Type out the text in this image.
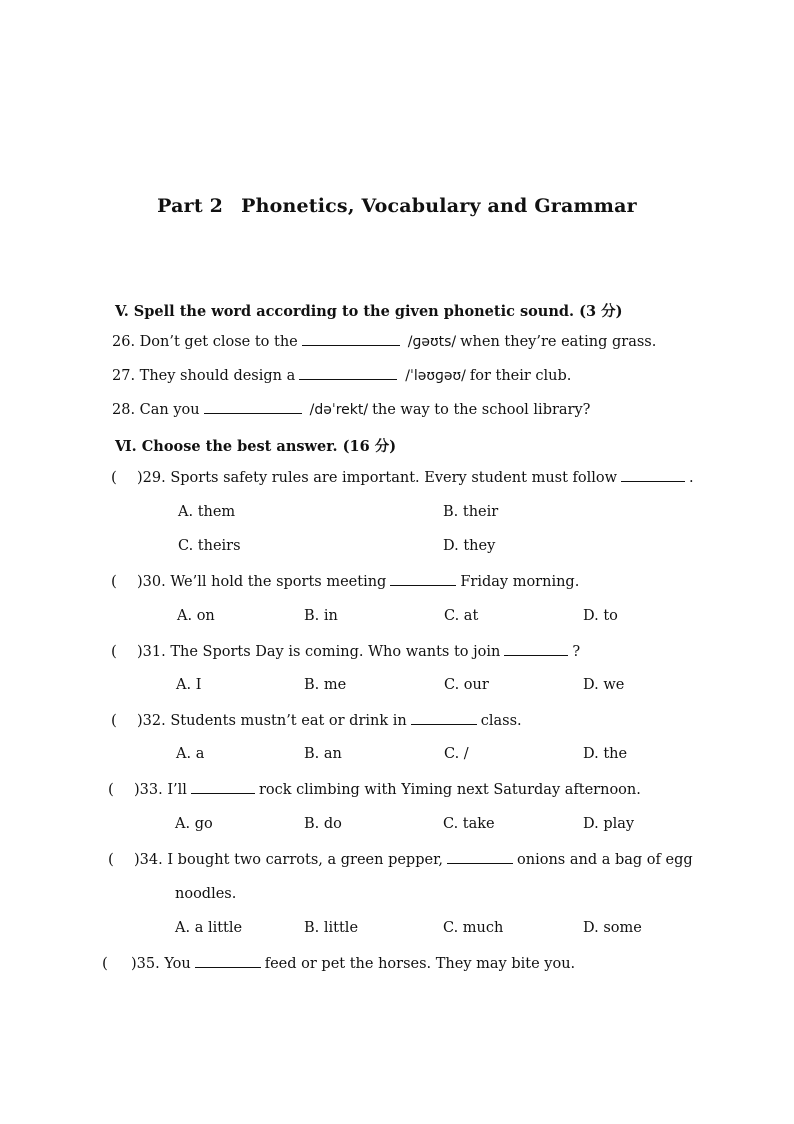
Part 2 Phonetics, Vocabulary and Grammar
V. Spell the word according to the given phonetic sound. (3 分)
26. Don’t get close to the	/ɡəʊts/ when they’re eating grass.
27. They should design a	/ˈləʊɡəʊ/ for their club.
28. Can you	/dəˈrekt/ the way to the school library?
Ⅵ. Choose the best answer. (16 分)
( )29. Sports safety rules are important. Every student must follow	.
A. them	B. their
C. theirs	D. they
( )30. We’ll hold the sports meeting	Friday morning.
A. on	B. in	C. at	D. to
( )31. The Sports Day is coming. Who wants to join	?
A. I	B. me	C. our	D. we
( )32. Students mustn’t eat or drink in	class.
A. a	B. an	C. /	D. the
( )33. I’ll	rock climbing with Yiming next Saturday afternoon.
A. go	B. do	C. take	D. play
( )34. I bought two carrots, a green pepper,	onions and a bag of egg
noodles.
A. a little	B. little	C. much	D. some
( )35. You	feed or pet the horses. They may bite you.
